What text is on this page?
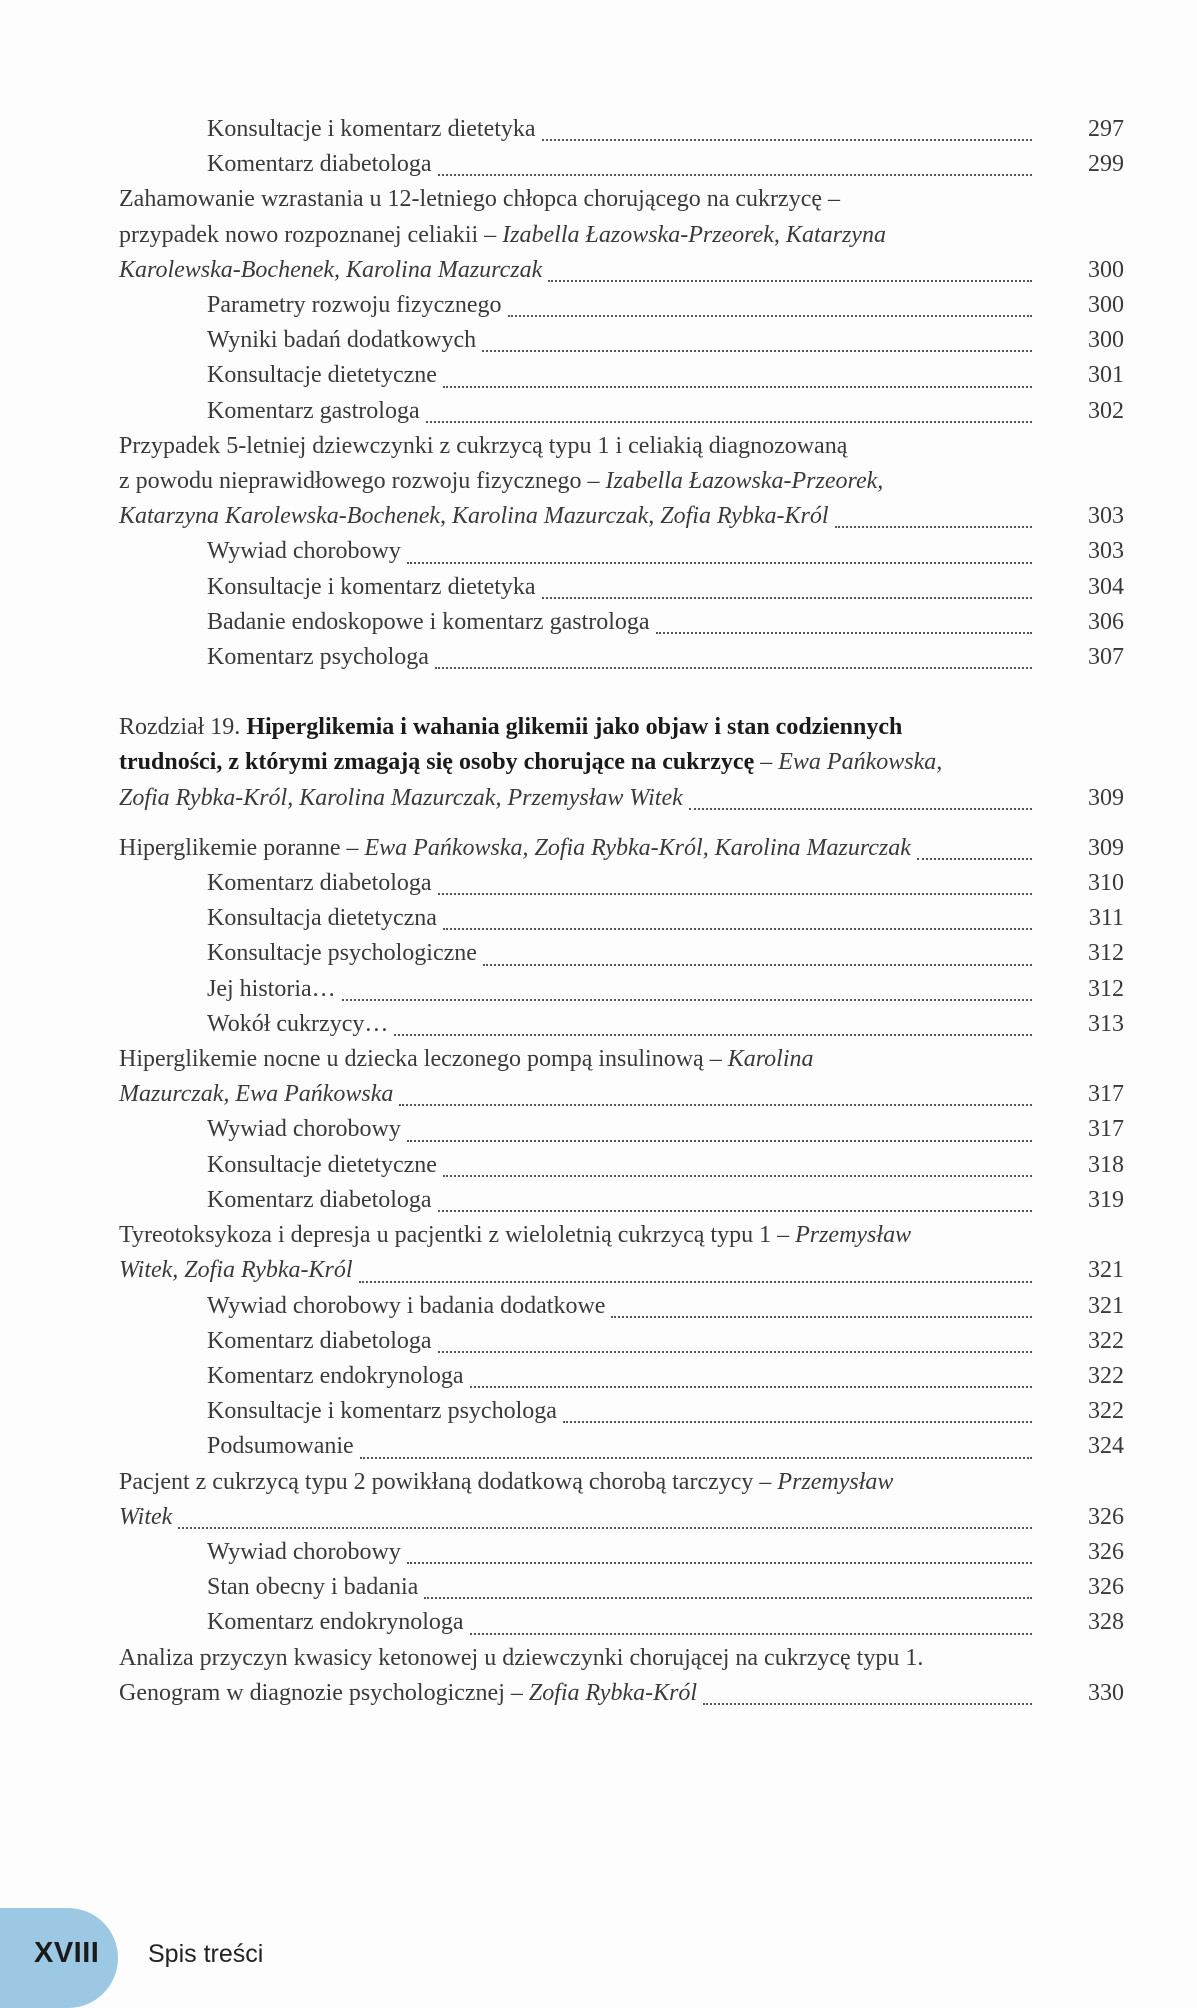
Konsultacje i komentarz dietetyka	297
Komentarz diabetologa	299
Zahamowanie wzrastania u 12-letniego chłopca chorującego na cukrzycę –
przypadek nowo rozpoznanej celiakii – Izabella Łazowska-Przeorek, Katarzyna
Karolewska-Bochenek, Karolina Mazurczak	300
Parametry rozwoju fizycznego	300
Wyniki badań dodatkowych	300
Konsultacje dietetyczne	301
Komentarz gastrologa	302
Przypadek 5-letniej dziewczynki z cukrzycą typu 1 i celiakią diagnozowaną
z powodu nieprawidłowego rozwoju fizycznego – Izabella Łazowska-Przeorek,
Katarzyna Karolewska-Bochenek, Karolina Mazurczak, Zofia Rybka-Król	303
Wywiad chorobowy	303
Konsultacje i komentarz dietetyka	304
Badanie endoskopowe i komentarz gastrologa	306
Komentarz psychologa	307
Rozdział 19. Hiperglikemia i wahania glikemii jako objaw i stan codziennych
trudności, z którymi zmagają się osoby chorujące na cukrzycę – Ewa Pańkowska,
Zofia Rybka-Król, Karolina Mazurczak, Przemysław Witek	309
Hiperglikemie poranne – Ewa Pańkowska, Zofia Rybka-Król, Karolina Mazurczak	309
Komentarz diabetologa	310
Konsultacja dietetyczna	311
Konsultacje psychologiczne	312
Jej historia…	312
Wokół cukrzycy…	313
Hiperglikemie nocne u dziecka leczonego pompą insulinową – Karolina
Mazurczak, Ewa Pańkowska	317
Wywiad chorobowy	317
Konsultacje dietetyczne	318
Komentarz diabetologa	319
Tyreotoksykoza i depresja u pacjentki z wieloletnią cukrzycą typu 1 – Przemysław
Witek, Zofia Rybka-Król	321
Wywiad chorobowy i badania dodatkowe	321
Komentarz diabetologa	322
Komentarz endokrynologa	322
Konsultacje i komentarz psychologa	322
Podsumowanie	324
Pacjent z cukrzycą typu 2 powikłaną dodatkową chorobą tarczycy – Przemysław
Witek	326
Wywiad chorobowy	326
Stan obecny i badania	326
Komentarz endokrynologa	328
Analiza przyczyn kwasicy ketonowej u dziewczynki chorującej na cukrzycę typu 1.
Genogram w diagnozie psychologicznej – Zofia Rybka-Król	330
XVIII Spis treści
